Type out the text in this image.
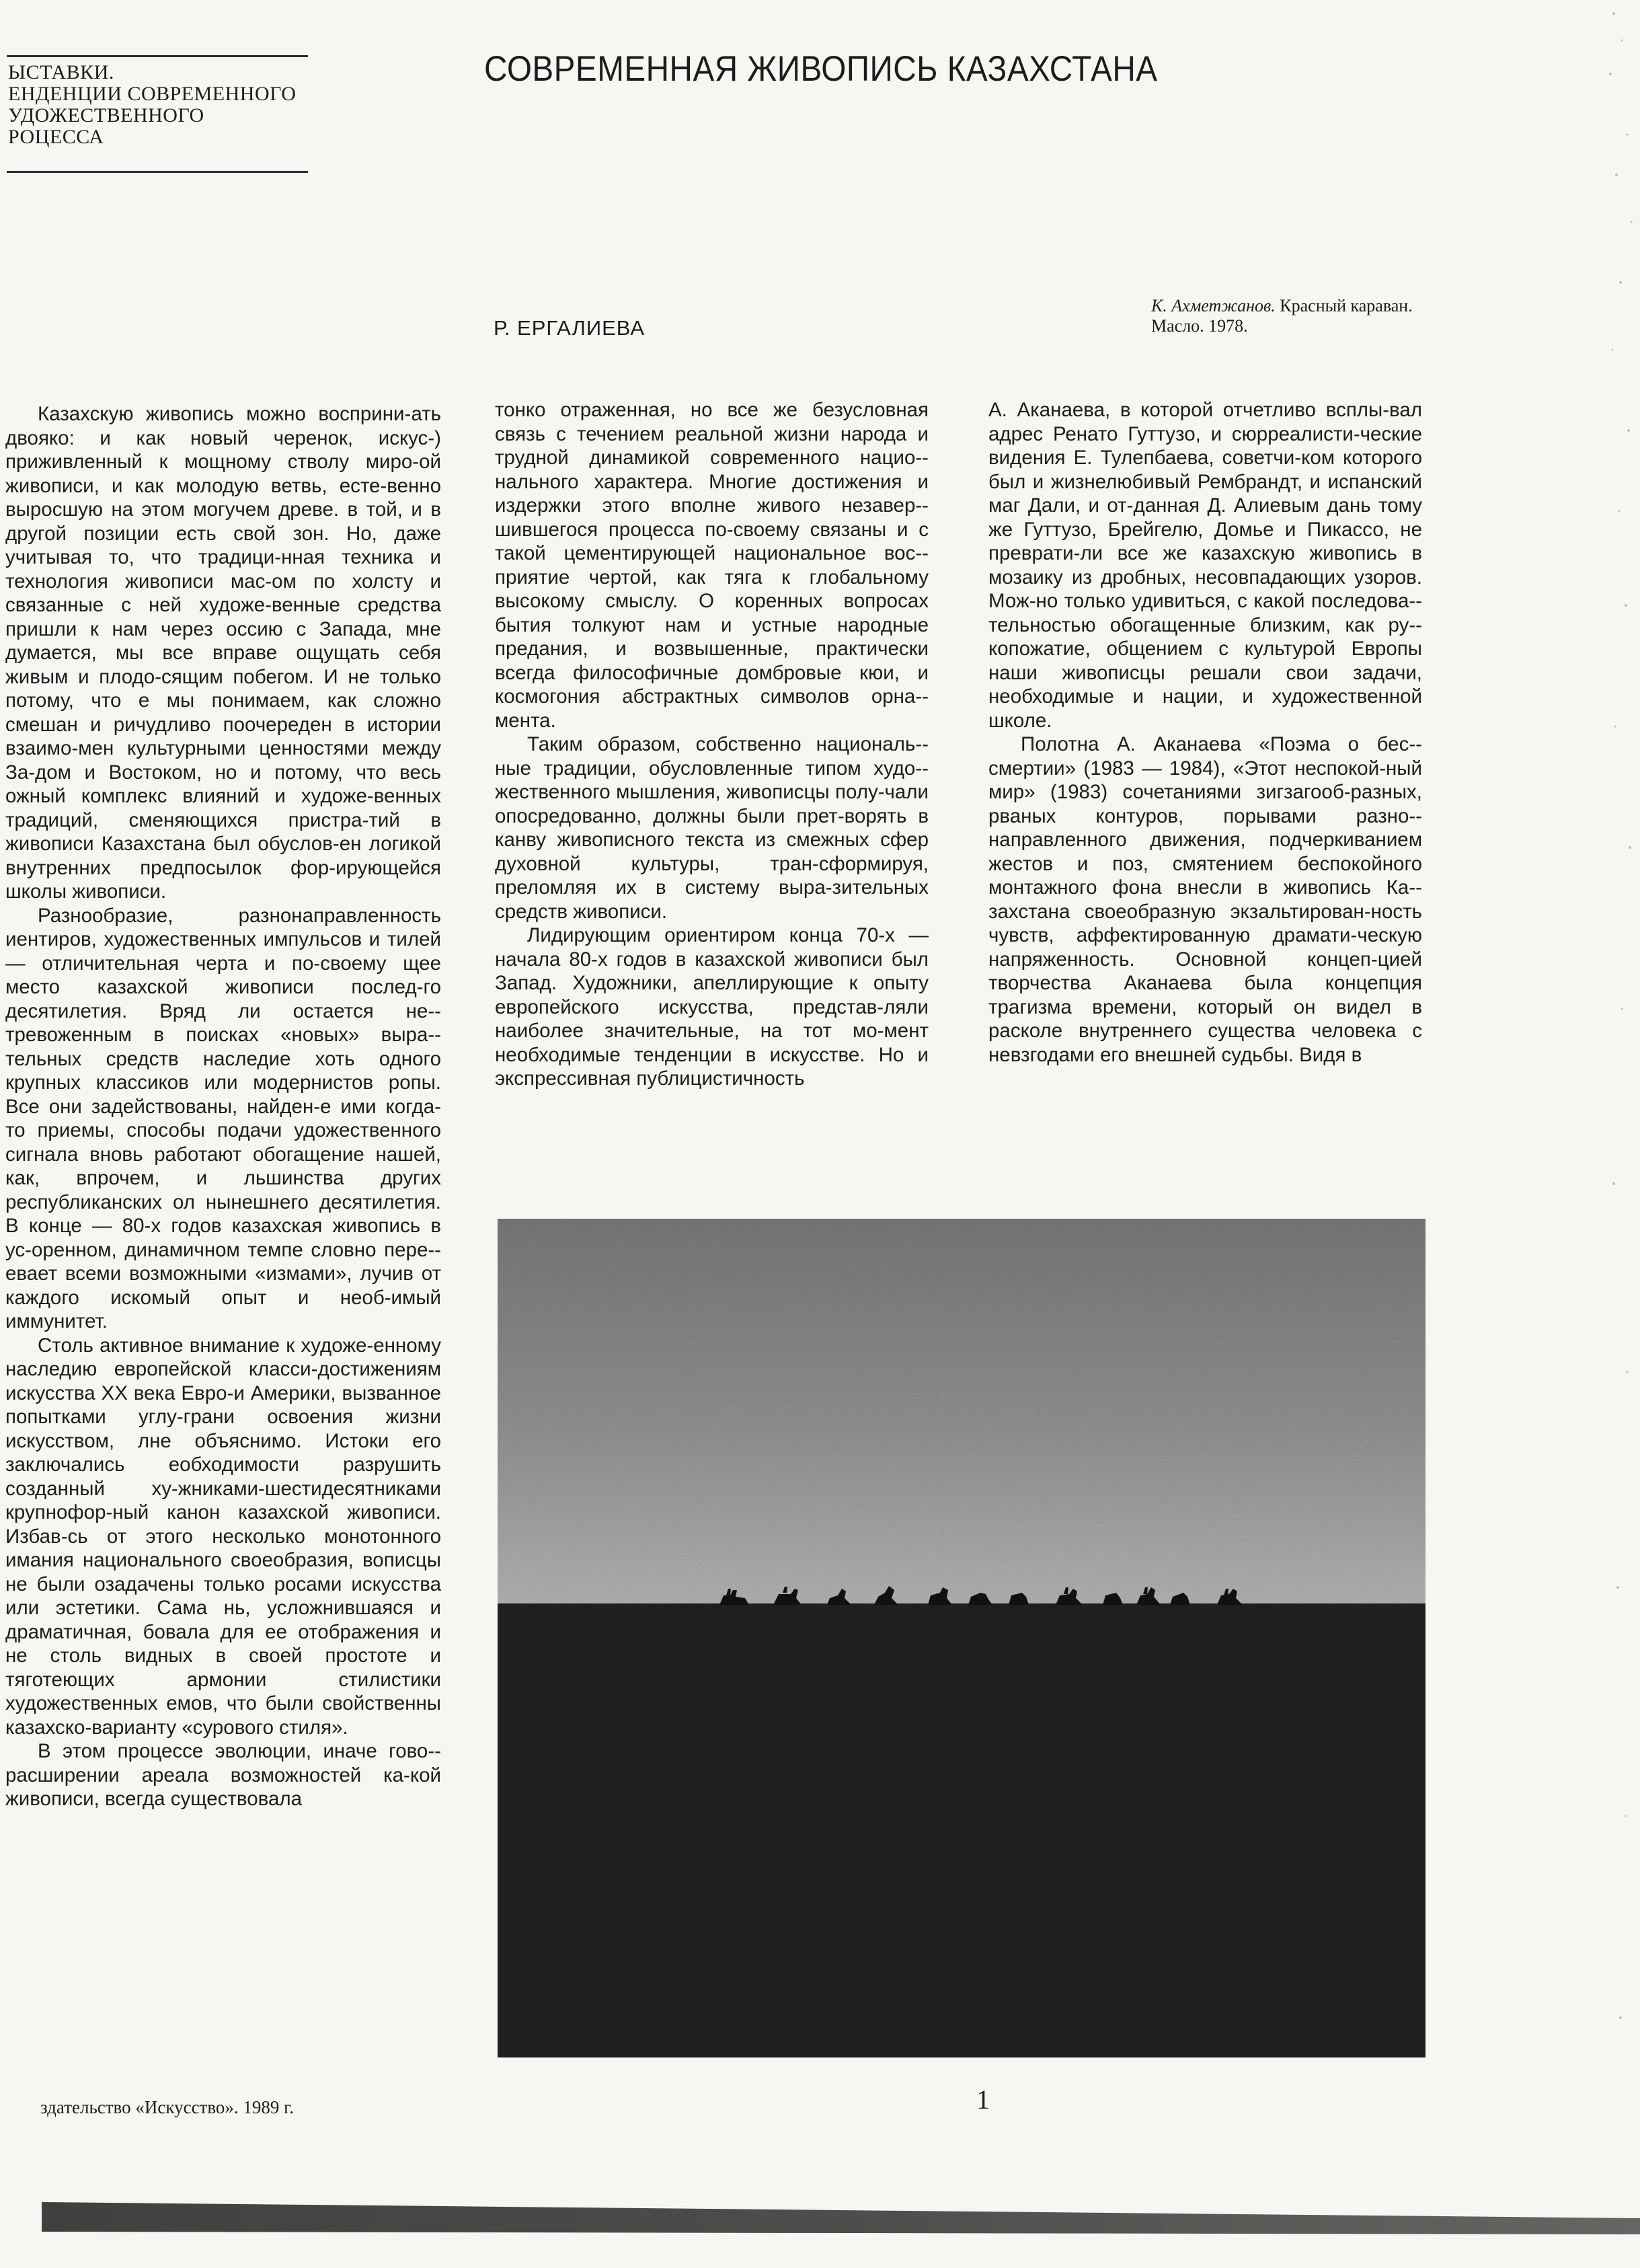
ЫСТАВКИ.
ЕНДЕНЦИИ СОВРЕМЕННОГО
УДОЖЕСТВЕННОГО
РОЦЕССА
СОВРЕМЕННАЯ ЖИВОПИСЬ КАЗАХСТАНА
Р. ЕРГАЛИЕВА
К. Ахметжанов. Красный караван. Масло. 1978.

Казахскую живопись можно восприни-ать двояко: и как новый черенок, искус-) приживленный к мощному стволу миро-ой живописи, и как молодую ветвь, есте-венно выросшую на этом могучем древе. в той, и в другой позиции есть свой зон. Но, даже учитывая то, что традици-нная техника и технология живописи мас-ом по холсту и связанные с ней художе-венные средства пришли к нам через оссию с Запада, мне думается, мы все вправе ощущать себя живым и плодо-сящим побегом. И не только потому, что е мы понимаем, как сложно смешан и ричудливо поочереден в истории взаимо-мен культурными ценностями между За-дом и Востоком, но и потому, что весь ожный комплекс влияний и художе-венных традиций, сменяющихся пристра-тий в живописи Казахстана был обуслов-ен логикой внутренних предпосылок фор-ирующейся школы живописи.

Разнообразие, разнонаправленность иентиров, художественных импульсов и тилей — отличительная черта и по-своему щее место казахской живописи послед-го десятилетия. Вряд ли остается не-тревоженным в поисках «новых» выра-тельных средств наследие хоть одного крупных классиков или модернистов ропы. Все они задействованы, найден-е ими когда-то приемы, способы подачи удожественного сигнала вновь работают обогащение нашей, как, впрочем, и льшинства других республиканских ол нынешнего десятилетия. В конце — 80-х годов казахская живопись в ус-оренном, динамичном темпе словно пере-евает всеми возможными «измами», лучив от каждого искомый опыт и необ-имый иммунитет.

Столь активное внимание к художе-енному наследию европейской класси-достижениям искусства XX века Евро-и Америки, вызванное попытками углу-грани освоения жизни искусством, лне объяснимо. Истоки его заключались еобходимости разрушить созданный ху-жниками-шестидесятниками крупнофор-ный канон казахской живописи. Избав-сь от этого несколько монотонного имания национального своеобразия, вописцы не были озадачены только росами искусства или эстетики. Сама нь, усложнившаяся и драматичная, бовала для ее отображения и не столь видных в своей простоте и тяготеющих армонии стилистики художественных емов, что были свойственны казахско-варианту «сурового стиля».

В этом процессе эволюции, иначе гово-расширении ареала возможностей ка-кой живописи, всегда существовала

тонко отраженная, но все же безусловная связь с течением реальной жизни народа и трудной динамикой современного нацио-нального характера. Многие достижения и издержки этого вполне живого незавер-шившегося процесса по-своему связаны и с такой цементирующей национальное вос-приятие чертой, как тяга к глобальному высокому смыслу. О коренных вопросах бытия толкуют нам и устные народные предания, и возвышенные, практически всегда философичные домбровые кюи, и космогония абстрактных символов орна-мента.

Таким образом, собственно националь-ные традиции, обусловленные типом худо-жественного мышления, живописцы полу-чали опосредованно, должны были прет-ворять в канву живописного текста из смежных сфер духовной культуры, тран-сформируя, преломляя их в систему выра-зительных средств живописи.

Лидирующим ориентиром конца 70-х — начала 80-х годов в казахской живописи был Запад. Художники, апеллирующие к опыту европейского искусства, представ-ляли наиболее значительные, на тот мо-мент необходимые тенденции в искусстве. Но и экспрессивная публицистичность

А. Аканаева, в которой отчетливо всплы-вал адрес Ренато Гуттузо, и сюрреалисти-ческие видения Е. Тулепбаева, советчи-ком которого был и жизнелюбивый Рембрандт, и испанский маг Дали, и от-данная Д. Алиевым дань тому же Гуттузо, Брейгелю, Домье и Пикассо, не преврати-ли все же казахскую живопись в мозаику из дробных, несовпадающих узоров. Мож-но только удивиться, с какой последова-тельностью обогащенные близким, как ру-копожатие, общением с культурой Европы наши живописцы решали свои задачи, необходимые и нации, и художественной школе.

Полотна А. Аканаева «Поэма о бес-смертии» (1983 — 1984), «Этот неспокой-ный мир» (1983) сочетаниями зигзагооб-разных, рваных контуров, порывами разно-направленного движения, подчеркиванием жестов и поз, смятением беспокойного монтажного фона внесли в живопись Ка-захстана своеобразную экзальтирован-ность чувств, аффектированную драмати-ческую напряженность. Основной концеп-цией творчества Аканаева была концепция трагизма времени, который он видел в расколе внутреннего существа человека с невзгодами его внешней судьбы. Видя в

здательство «Искусство». 1989 г.	1
